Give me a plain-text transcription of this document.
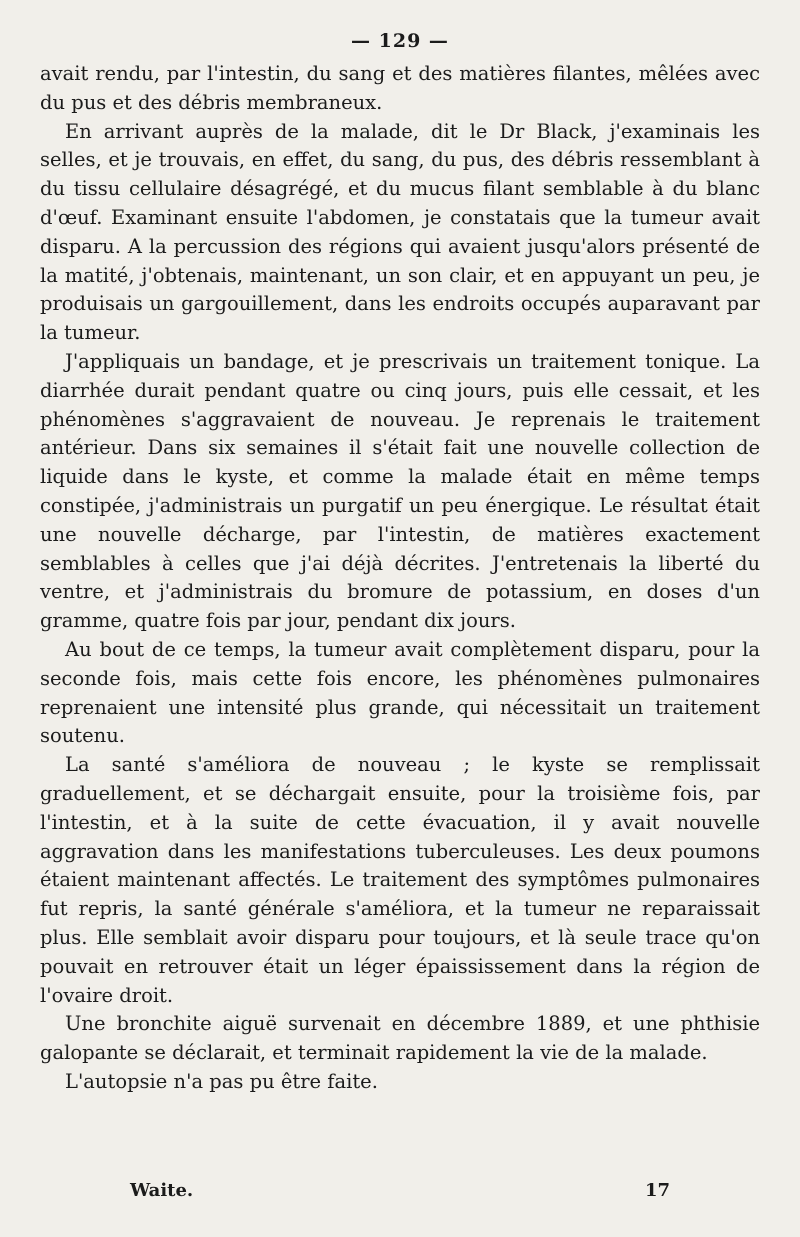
— 129 —

avait rendu, par l'intestin, du sang et des matières filantes, mêlées avec du pus et des débris membraneux.

En arrivant auprès de la malade, dit le Dr Black, j'examinais les selles, et je trouvais, en effet, du sang, du pus, des débris ressemblant à du tissu cellulaire désagrégé, et du mucus filant semblable à du blanc d'œuf. Examinant ensuite l'abdomen, je constatais que la tumeur avait disparu. A la percussion des régions qui avaient jusqu'alors présenté de la matité, j'obtenais, maintenant, un son clair, et en appuyant un peu, je produisais un gargouillement, dans les endroits occupés auparavant par la tumeur.

J'appliquais un bandage, et je prescrivais un traitement tonique. La diarrhée durait pendant quatre ou cinq jours, puis elle cessait, et les phénomènes s'aggravaient de nouveau. Je reprenais le traitement antérieur. Dans six semaines il s'était fait une nouvelle collection de liquide dans le kyste, et comme la malade était en même temps constipée, j'administrais un purgatif un peu énergique. Le résultat était une nouvelle décharge, par l'intestin, de matières exactement semblables à celles que j'ai déjà décrites. J'entretenais la liberté du ventre, et j'administrais du bromure de potassium, en doses d'un gramme, quatre fois par jour, pendant dix jours.

Au bout de ce temps, la tumeur avait complètement disparu, pour la seconde fois, mais cette fois encore, les phénomènes pulmonaires reprenaient une intensité plus grande, qui nécessitait un traitement soutenu.

La santé s'améliora de nouveau ; le kyste se remplissait graduellement, et se déchargait ensuite, pour la troisième fois, par l'intestin, et à la suite de cette évacuation, il y avait nouvelle aggravation dans les manifestations tuberculeuses. Les deux poumons étaient maintenant affectés. Le traitement des symptômes pulmonaires fut repris, la santé générale s'améliora, et la tumeur ne reparaissait plus. Elle semblait avoir disparu pour toujours, et là seule trace qu'on pouvait en retrouver était un léger épaississement dans la région de l'ovaire droit.

Une bronchite aiguë survenait en décembre 1889, et une phthisie galopante se déclarait, et terminait rapidement la vie de la malade.

L'autopsie n'a pas pu être faite.

Waite.	17
